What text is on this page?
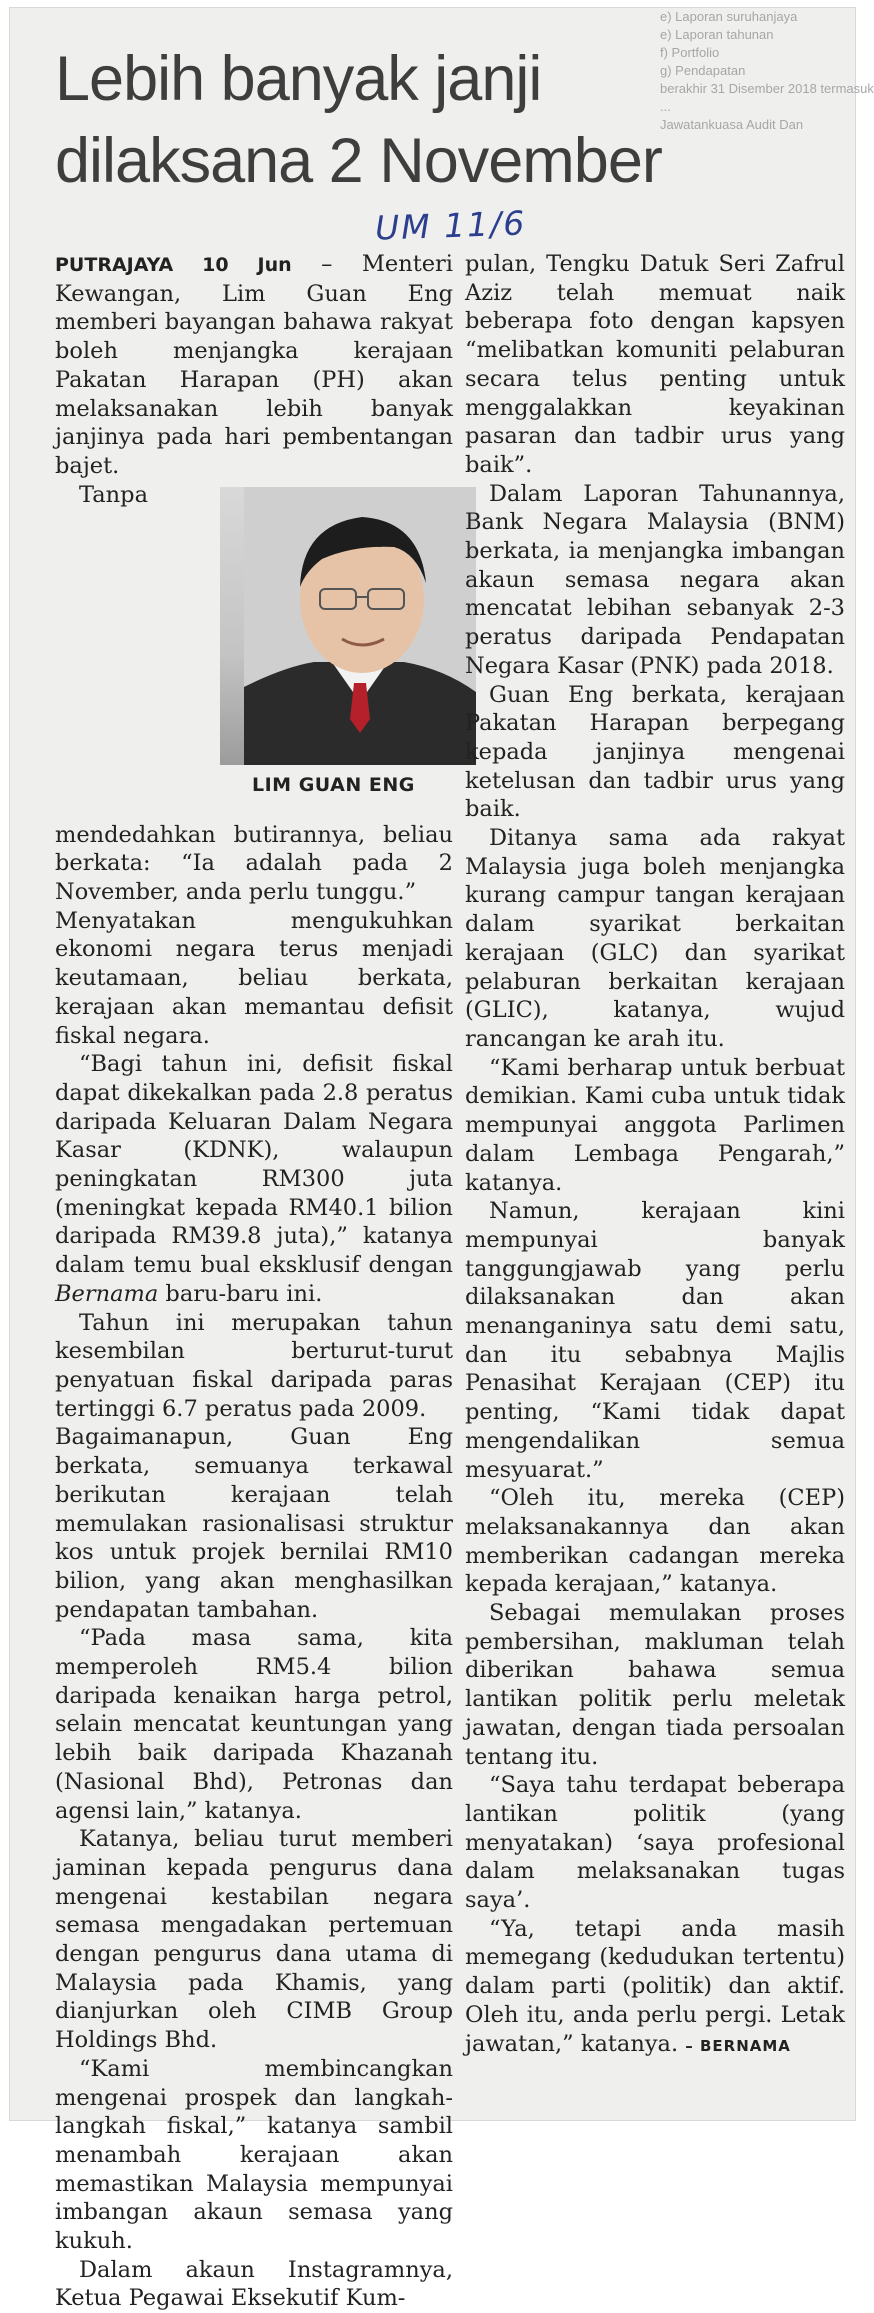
e) Laporan suruhanjaya
e) Laporan tahunan
f) Portfolio
g) Pendapatan
berakhir 31 Disember 2018 termasuk
...
Jawatankuasa Audit Dan
Lebih banyak janji dilaksana 2 November
UM 11/6

PUTRAJAYA 10 Jun – Menteri Kewangan, Lim Guan Eng memberi bayangan bahawa rakyat boleh menjangka kerajaan Pakatan Harapan (PH) akan melaksanakan lebih banyak janjinya pada hari pembentangan bajet.

LIM GUAN ENG
Tanpa mendedahkan butirannya, beliau berkata: “Ia adalah pada 2 November, anda perlu tunggu.”

Menyatakan mengukuhkan ekonomi negara terus menjadi keutamaan, beliau berkata, kerajaan akan memantau defisit fiskal negara.

“Bagi tahun ini, defisit fiskal dapat dikekalkan pada 2.8 peratus daripada Keluaran Dalam Negara Kasar (KDNK), walaupun peningkatan RM300 juta (meningkat kepada RM40.1 bilion daripada RM39.8 juta),” katanya dalam temu bual eksklusif dengan Bernama baru-baru ini.

Tahun ini merupakan tahun kesembilan berturut-turut penyatuan fiskal daripada paras tertinggi 6.7 peratus pada 2009.

Bagaimanapun, Guan Eng berkata, semuanya terkawal berikutan kerajaan telah memulakan rasionalisasi struktur kos untuk projek bernilai RM10 bilion, yang akan menghasilkan pendapatan tambahan.

“Pada masa sama, kita memperoleh RM5.4 bilion daripada kenaikan harga petrol, selain mencatat keuntungan yang lebih baik daripada Khazanah (Nasional Bhd), Petronas dan agensi lain,” katanya.

Katanya, beliau turut memberi jaminan kepada pengurus dana mengenai kestabilan negara semasa mengadakan pertemuan dengan pengurus dana utama di Malaysia pada Khamis, yang dianjurkan oleh CIMB Group Holdings Bhd.

“Kami membincangkan mengenai prospek dan langkah-langkah fiskal,” katanya sambil menambah kerajaan akan memastikan Malaysia mempunyai imbangan akaun semasa yang kukuh.

Dalam akaun Instagramnya, Ketua Pegawai Eksekutif Kum-

pulan, Tengku Datuk Seri Zafrul Aziz telah memuat naik beberapa foto dengan kapsyen “melibatkan komuniti pelaburan secara telus penting untuk menggalakkan keyakinan pasaran dan tadbir urus yang baik”.

Dalam Laporan Tahunannya, Bank Negara Malaysia (BNM) berkata, ia menjangka imbangan akaun semasa negara akan mencatat lebihan sebanyak 2-3 peratus daripada Pendapatan Negara Kasar (PNK) pada 2018.

Guan Eng berkata, kerajaan Pakatan Harapan berpegang kepada janjinya mengenai ketelusan dan tadbir urus yang baik.

Ditanya sama ada rakyat Malaysia juga boleh menjangka kurang campur tangan kerajaan dalam syarikat berkaitan kerajaan (GLC) dan syarikat pelaburan berkaitan kerajaan (GLIC), katanya, wujud rancangan ke arah itu.

“Kami berharap untuk berbuat demikian. Kami cuba untuk tidak mempunyai anggota Parlimen dalam Lembaga Pengarah,” katanya.

Namun, kerajaan kini mempunyai banyak tanggungjawab yang perlu dilaksanakan dan akan menanganinya satu demi satu, dan itu sebabnya Majlis Penasihat Kerajaan (CEP) itu penting, “Kami tidak dapat mengendalikan semua mesyuarat.”

“Oleh itu, mereka (CEP) melaksanakannya dan akan memberikan cadangan mereka kepada kerajaan,” katanya.

Sebagai memulakan proses pembersihan, makluman telah diberikan bahawa semua lantikan politik perlu meletak jawatan, dengan tiada persoalan tentang itu.

“Saya tahu terdapat beberapa lantikan politik (yang menyatakan) ‘saya profesional dalam melaksanakan tugas saya’.

“Ya, tetapi anda masih memegang (kedudukan tertentu) dalam parti (politik) dan aktif. Oleh itu, anda perlu pergi. Letak jawatan,” katanya. – BERNAMA
